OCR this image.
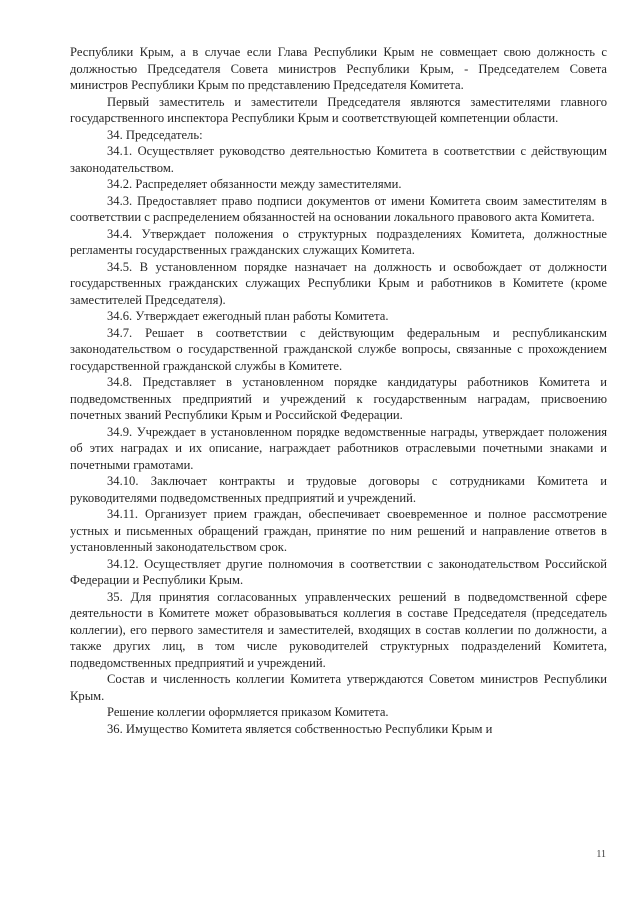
Республики Крым, а в случае если Глава Республики Крым не совмещает свою должность с должностью Председателя Совета министров Республики Крым, - Председателем Совета министров Республики Крым по представлению Председателя Комитета.

Первый заместитель и заместители Председателя являются заместителями главного государственного инспектора Республики Крым и соответствующей компетенции области.

34. Председатель:

34.1. Осуществляет руководство деятельностью Комитета в соответствии с действующим законодательством.

34.2. Распределяет обязанности между заместителями.

34.3. Предоставляет право подписи документов от имени Комитета своим заместителям в соответствии с распределением обязанностей на основании локального правового акта Комитета.

34.4. Утверждает положения о структурных подразделениях Комитета, должностные регламенты государственных гражданских служащих Комитета.

34.5. В установленном порядке назначает на должность и освобождает от должности государственных гражданских служащих Республики Крым и работников в Комитете (кроме заместителей Председателя).

34.6. Утверждает ежегодный план работы Комитета.

34.7. Решает в соответствии с действующим федеральным и республиканским законодательством о государственной гражданской службе вопросы, связанные с прохождением государственной гражданской службы в Комитете.

34.8. Представляет в установленном порядке кандидатуры работников Комитета и подведомственных предприятий и учреждений к государственным наградам, присвоению почетных званий Республики Крым и Российской Федерации.

34.9. Учреждает в установленном порядке ведомственные награды, утверждает положения об этих наградах и их описание, награждает работников отраслевыми почетными знаками и почетными грамотами.

34.10. Заключает контракты и трудовые договоры с сотрудниками Комитета и руководителями подведомственных предприятий и учреждений.

34.11. Организует прием граждан, обеспечивает своевременное и полное рассмотрение устных и письменных обращений граждан, принятие по ним решений и направление ответов в установленный законодательством срок.

34.12. Осуществляет другие полномочия в соответствии с законодательством Российской Федерации и Республики Крым.

35. Для принятия согласованных управленческих решений в подведомственной сфере деятельности в Комитете может образовываться коллегия в составе Председателя (председатель коллегии), его первого заместителя и заместителей, входящих в состав коллегии по должности, а также других лиц, в том числе руководителей структурных подразделений Комитета, подведомственных предприятий и учреждений.

Состав и численность коллегии Комитета утверждаются Советом министров Республики Крым.

Решение коллегии оформляется приказом Комитета.

36. Имущество Комитета является собственностью Республики Крым и

11
